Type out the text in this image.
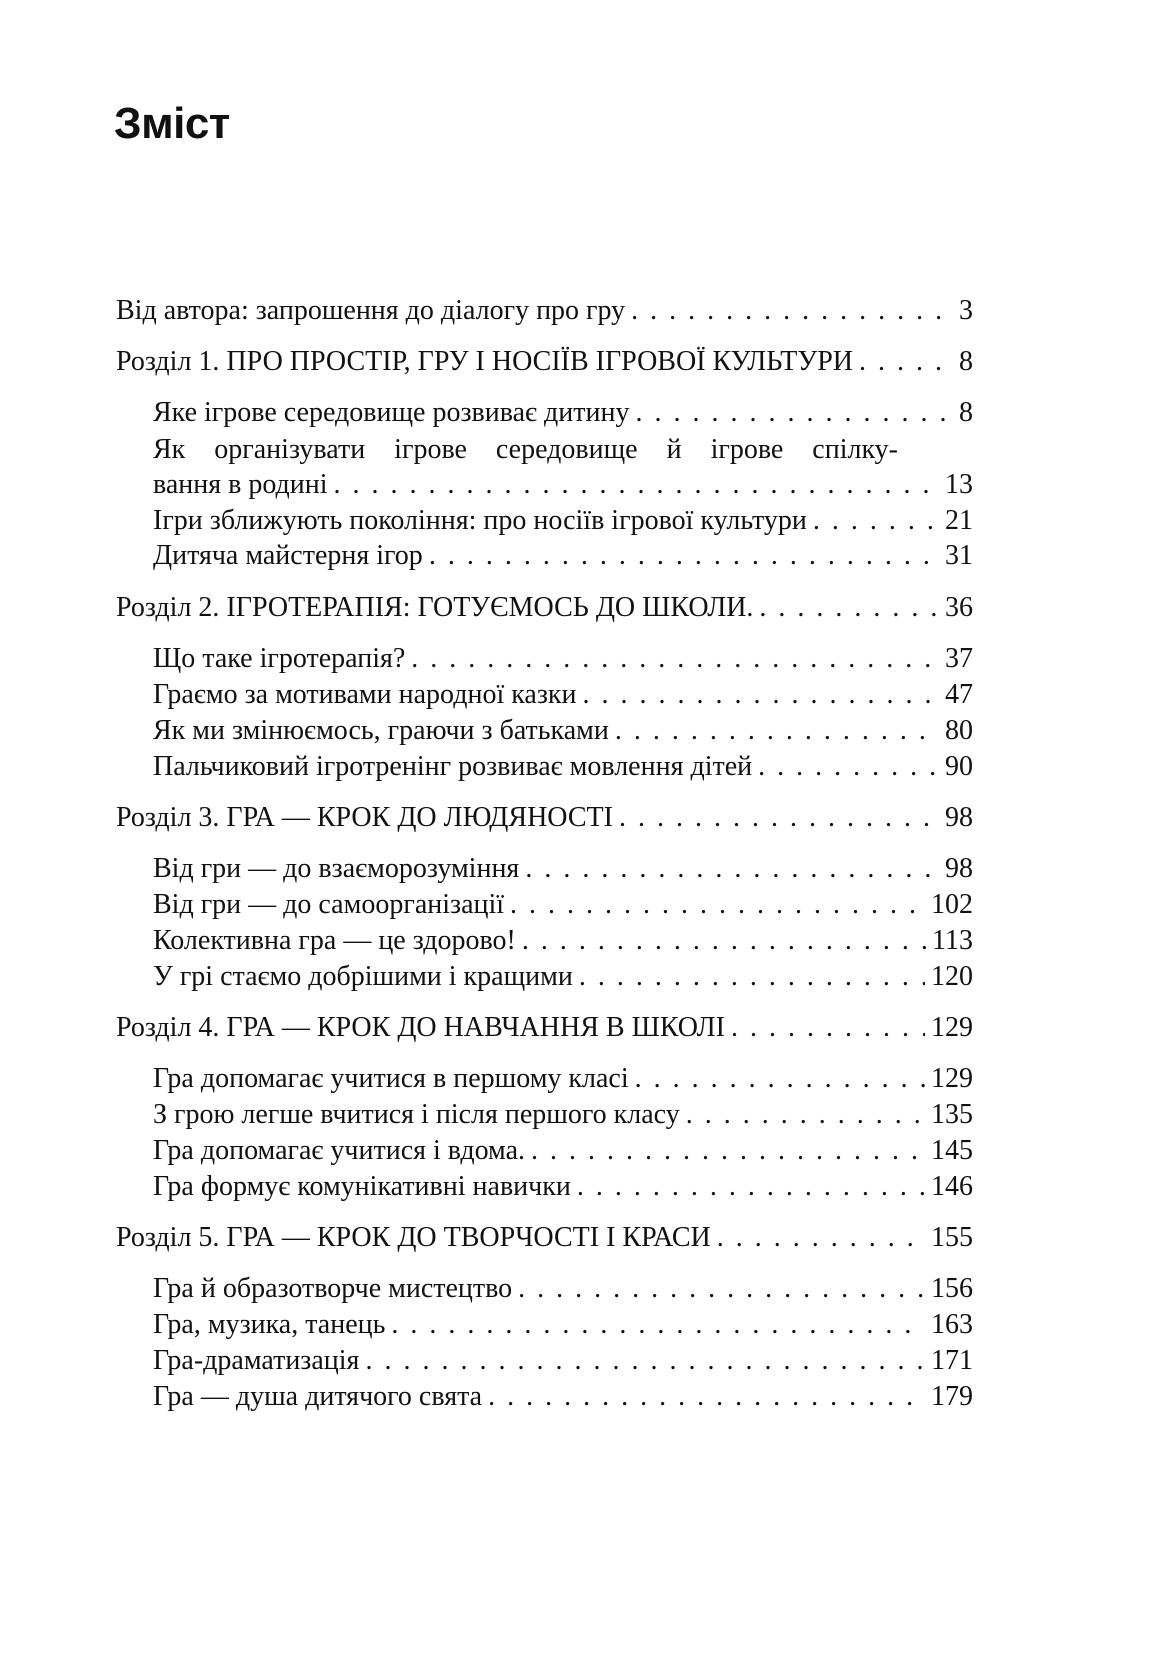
Зміст
Від автора: запрошення до діалогу про гру . . .	3
Розділ 1. ПРО ПРОСТІР, ГРУ І НОСІЇВ ІГРОВОЇ КУЛЬТУРИ . . .	8
Яке ігрове середовище розвиває дитину . . .	8
Як організувати ігрове середовище й ігрове спілку-
вання в родині . . .	13
Ігри зближують покоління: про носіїв ігрової культури . . .	21
Дитяча майстерня ігор . . .	31
Розділ 2. ІГРОТЕРАПІЯ: ГОТУЄМОСЬ ДО ШКОЛИ. . . .	36
Що таке ігротерапія? . . .	37
Граємо за мотивами народної казки . . .	47
Як ми змінюємось, граючи з батьками . . .	80
Пальчиковий ігротренінг розвиває мовлення дітей . . .	90
Розділ 3. ГРА — КРОК ДО ЛЮДЯНОСТІ . . .	98
Від гри — до взаєморозуміння . . .	98
Від гри — до самоорганізації . . .	102
Колективна гра — це здорово! . . .	113
У грі стаємо добрішими і кращими . . .	120
Розділ 4. ГРА — КРОК ДО НАВЧАННЯ В ШКОЛІ . . .	129
Гра допомагає учитися в першому класі . . .	129
З грою легше вчитися і після першого класу . . .	135
Гра допомагає учитися і вдома. . . .	145
Гра формує комунікативні навички . . .	146
Розділ 5. ГРА — КРОК ДО ТВОРЧОСТІ І КРАСИ . . .	155
Гра й образотворче мистецтво . . .	156
Гра, музика, танець . . .	163
Гра-драматизація . . .	171
Гра — душа дитячого свята . . .	179
